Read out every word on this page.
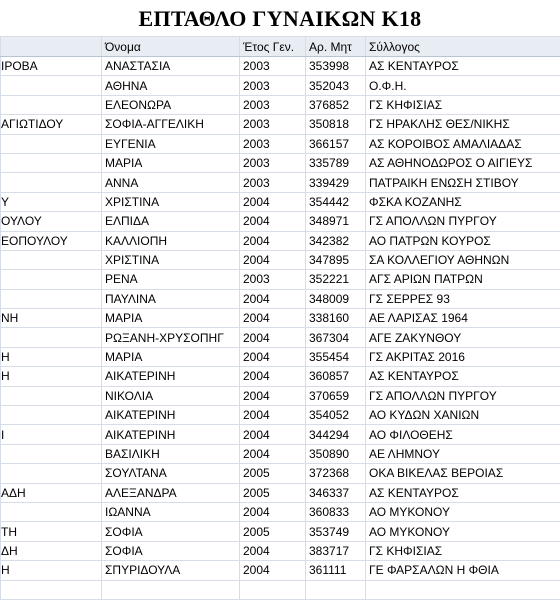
ΕΠΤΑΘΛΟ ΓΥΝΑΙΚΩΝ Κ18
	Όνομα	Έτος Γεν.	Αρ. Μητ	Σύλλογος

ΙΡΟΒΑ	ΑΝΑΣΤΑΣΙΑ	2003	353998	ΑΣ ΚΕΝΤΑΥΡΟΣ

	ΑΘΗΝΑ	2003	352043	Ο.Φ.Η.

	ΕΛΕΟΝΩΡΑ	2003	376852	ΓΣ ΚΗΦΙΣΙΑΣ

ΑΓΙΩΤΙΔΟΥ	ΣΟΦΙΑ-ΑΓΓΕΛΙΚΗ	2003	350818	ΓΣ ΗΡΑΚΛΗΣ ΘΕΣ/ΝΙΚΗΣ

	ΕΥΓΕΝΙΑ	2003	366157	ΑΣ ΚΟΡΟΙΒΟΣ ΑΜΑΛΙΑΔΑΣ

	ΜΑΡΙΑ	2003	335789	ΑΣ ΑΘΗΝΟΔΩΡΟΣ Ο ΑΙΓΙΕΥΣ

	ΑΝΝΑ	2003	339429	ΠΑΤΡΑΙΚΗ ΕΝΩΣΗ ΣΤΙΒΟΥ

Υ	ΧΡΙΣΤΙΝΑ	2004	354442	ΦΣΚΑ ΚΟΖΑΝΗΣ

ΟΥΛΟΥ	ΕΛΠΙΔΑ	2004	348971	ΓΣ ΑΠΟΛΛΩΝ ΠΥΡΓΟΥ

ΕΟΠΟΥΛΟΥ	ΚΑΛΛΙΟΠΗ	2004	342382	ΑΟ ΠΑΤΡΩΝ ΚΟΥΡΟΣ

	ΧΡΙΣΤΙΝΑ	2004	347895	ΣΑ ΚΟΛΛΕΓΙΟΥ ΑΘΗΝΩΝ

	ΡΕΝΑ	2003	352221	ΑΓΣ ΑΡΙΩΝ ΠΑΤΡΩΝ

	ΠΑΥΛΙΝΑ	2004	348009	ΓΣ ΣΕΡΡΕΣ 93

ΝΗ	ΜΑΡΙΑ	2004	338160	ΑΕ ΛΑΡΙΣΑΣ 1964

	ΡΩΞΑΝΗ-ΧΡΥΣΟΠΗΓ	2004	367304	ΑΓΕ ΖΑΚΥΝΘΟΥ

Η	ΜΑΡΙΑ	2004	355454	ΓΣ ΑΚΡΙΤΑΣ 2016

Η	ΑΙΚΑΤΕΡΙΝΗ	2004	360857	ΑΣ ΚΕΝΤΑΥΡΟΣ

	ΝΙΚΟΛΙΑ	2004	370659	ΓΣ ΑΠΟΛΛΩΝ ΠΥΡΓΟΥ

	ΑΙΚΑΤΕΡΙΝΗ	2004	354052	ΑΟ ΚΥΔΩΝ ΧΑΝΙΩΝ

Ι	ΑΙΚΑΤΕΡΙΝΗ	2004	344294	ΑΟ ΦΙΛΟΘΕΗΣ

	ΒΑΣΙΛΙΚΗ	2004	350890	ΑΕ ΛΗΜΝΟΥ

	ΣΟΥΛΤΑΝΑ	2005	372368	ΟΚΑ ΒΙΚΕΛΑΣ ΒΕΡΟΙΑΣ

ΑΔΗ	ΑΛΕΞΑΝΔΡΑ	2005	346337	ΑΣ ΚΕΝΤΑΥΡΟΣ

	ΙΩΑΝΝΑ	2004	360833	ΑΟ ΜΥΚΟΝΟΥ

ΤΗ	ΣΟΦΙΑ	2005	353749	ΑΟ ΜΥΚΟΝΟΥ

ΔΗ	ΣΟΦΙΑ	2004	383717	ΓΣ ΚΗΦΙΣΙΑΣ

Η	ΣΠΥΡΙΔΟΥΛΑ	2004	361111	ΓΕ ΦΑΡΣΑΛΩΝ Η ΦΘΙΑ
